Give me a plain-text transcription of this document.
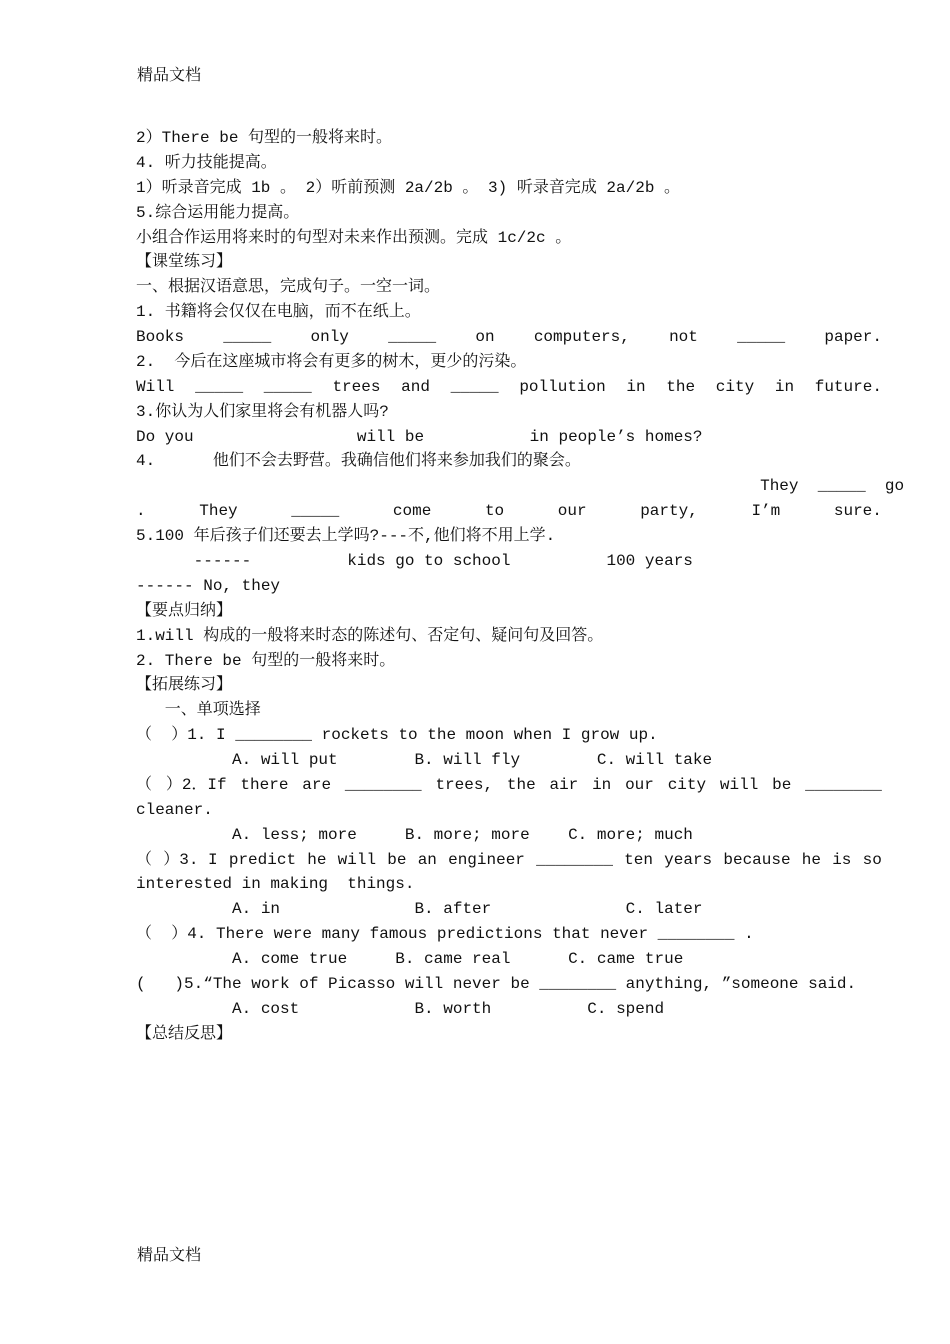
精品文档
2）There be 句型的一般将来时。
4. 听力技能提高。
1）听录音完成 1b 。 2）听前预测 2a/2b 。 3) 听录音完成 2a/2b 。
5.综合运用能力提高。
小组合作运用将来时的句型对未来作出预测。完成 1c/2c 。
【课堂练习】
一、根据汉语意思，完成句子。一空一词。
1. 书籍将会仅仅在电脑，而不在纸上。
Books _____ only _____ on computers, not _____ paper.
2.  今后在这座城市将会有更多的树木，更少的污染。
Will _____ _____ trees and _____ pollution in the city in future.
3.你认为人们家里将会有机器人吗?
Do you                 will be           in people’s homes?
4.      他们不会去野营。我确信他们将来参加我们的聚会。
They  _____  go
.	They	_____	come	to	our	party,	I’m	sure.
5.100 年后孩子们还要去上学吗?---不,他们将不用上学.
------          kids go to school          100 years
------ No, they
【要点归纳】
1.will 构成的一般将来时态的陈述句、否定句、疑问句及回答。
2. There be 句型的一般将来时。
【拓展练习】
一、单项选择
（  ）1. I ________ rockets to the moon when I grow up.
A. will put        B. will fly        C. will take
（ ）2．If there are ________ trees, the air in our city will be ________
cleaner.
A. less; more     B. more; more    C. more; much
（ ）3. I predict he will be an engineer ________ ten years because he is so
interested in making  things.
A. in              B. after              C. later
（  ）4. There were many famous predictions that never ________ .
A. come true     B. came real      C. came true
(   )5.“The work of Picasso will never be ________ anything, ”someone said.
A. cost            B. worth          C. spend
【总结反思】
精品文档
